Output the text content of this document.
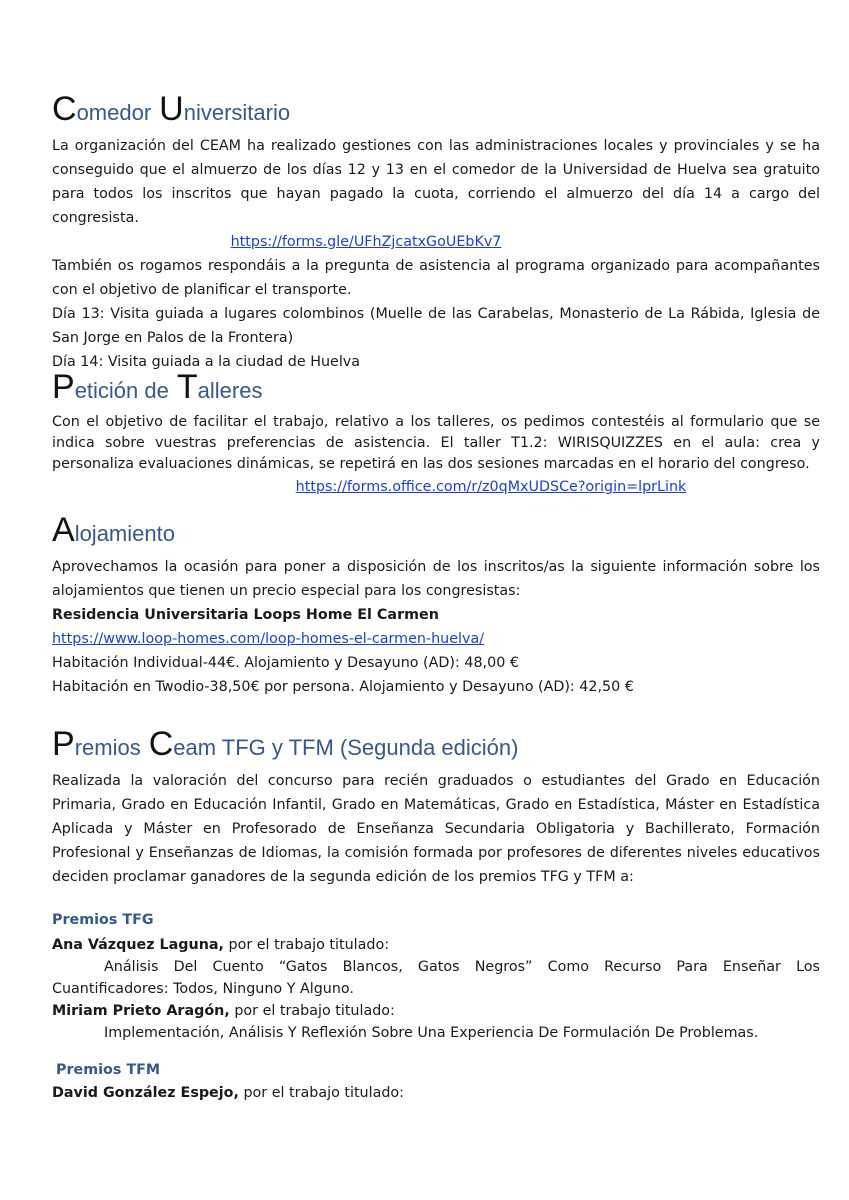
C omedor U niversitario

La organización del CEAM ha realizado gestiones con las administraciones locales y provinciales y se ha conseguido que el almuerzo de los días 12 y 13 en el comedor de la Universidad de Huelva sea gratuito para todos los inscritos que hayan pagado la cuota, corriendo el almuerzo del día 14 a cargo del congresista.

https://forms.gle/UFhZjcatxGoUEbKv7

También os rogamos respondáis a la pregunta de asistencia al programa organizado para acompañantes con el objetivo de planificar el transporte.

Día 13: Visita guiada a lugares colombinos (Muelle de las Carabelas, Monasterio de La Rábida, Iglesia de San Jorge en Palos de la Frontera)

Día 14: Visita guiada a la ciudad de Huelva

P etición de T alleres

Con el objetivo de facilitar el trabajo, relativo a los talleres, os pedimos contestéis al formulario que se indica sobre vuestras preferencias de asistencia. El taller T1.2: WIRISQUIZZES en el aula: crea y personaliza evaluaciones dinámicas, se repetirá en las dos sesiones marcadas en el horario del congreso.

https://forms.office.com/r/z0qMxUDSCe?origin=lprLink
A lojamiento

Aprovechamos la ocasión para poner a disposición de los inscritos/as la siguiente información sobre los alojamientos que tienen un precio especial para los congresistas:

Residencia Universitaria Loops Home El Carmen

https://www.loop-homes.com/loop-homes-el-carmen-huelva/

Habitación Individual-44€. Alojamiento y Desayuno (AD): 48,00 €

Habitación en Twodio-38,50€ por persona. Alojamiento y Desayuno (AD): 42,50 €

P remios C eam TFG y TFM (Segunda edición)

Realizada la valoración del concurso para recién graduados o estudiantes del Grado en Educación Primaria, Grado en Educación Infantil, Grado en Matemáticas, Grado en Estadística, Máster en Estadística Aplicada y Máster en Profesorado de Enseñanza Secundaria Obligatoria y Bachillerato, Formación Profesional y Enseñanzas de Idiomas, la comisión formada por profesores de diferentes niveles educativos deciden proclamar ganadores de la segunda edición de los premios TFG y TFM a:

Premios TFG

Ana Vázquez Laguna, por el trabajo titulado:

Análisis Del Cuento “Gatos Blancos, Gatos Negros” Como Recurso Para Enseñar Los Cuantificadores: Todos, Ninguno Y Alguno.

Miriam Prieto Aragón, por el trabajo titulado:

Implementación, Análisis Y Reflexión Sobre Una Experiencia De Formulación De Problemas.

Premios TFM

David González Espejo, por el trabajo titulado:
